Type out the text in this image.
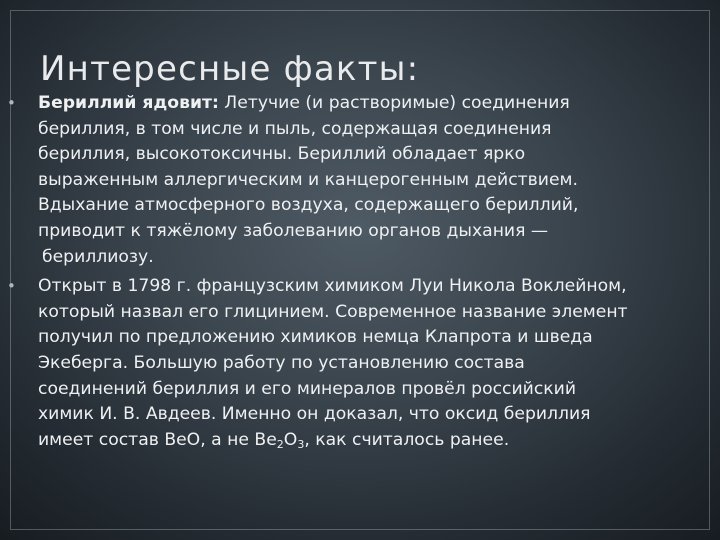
Интересные факты:
• Бериллий ядовит: Летучие (и растворимые) соединения
бериллия, в том числе и пыль, содержащая соединения
бериллия, высокотоксичны. Бериллий обладает ярко
выраженным аллергическим и канцерогенным действием.
Вдыхание атмосферного воздуха, содержащего бериллий,
приводит к тяжёлому заболеванию органов дыхания —
бериллиозу.
• Открыт в 1798 г. французским химиком Луи Никола Воклейном,
который назвал его глицинием. Современное название элемент
получил по предложению химиков немца Клапрота и шведа
Экеберга. Большую работу по установлению состава
соединений бериллия и его минералов провёл российский
химик И. В. Авдеев. Именно он доказал, что оксид бериллия
имеет состав BeO, а не $Be_2O_3$, как считалось ранее.
